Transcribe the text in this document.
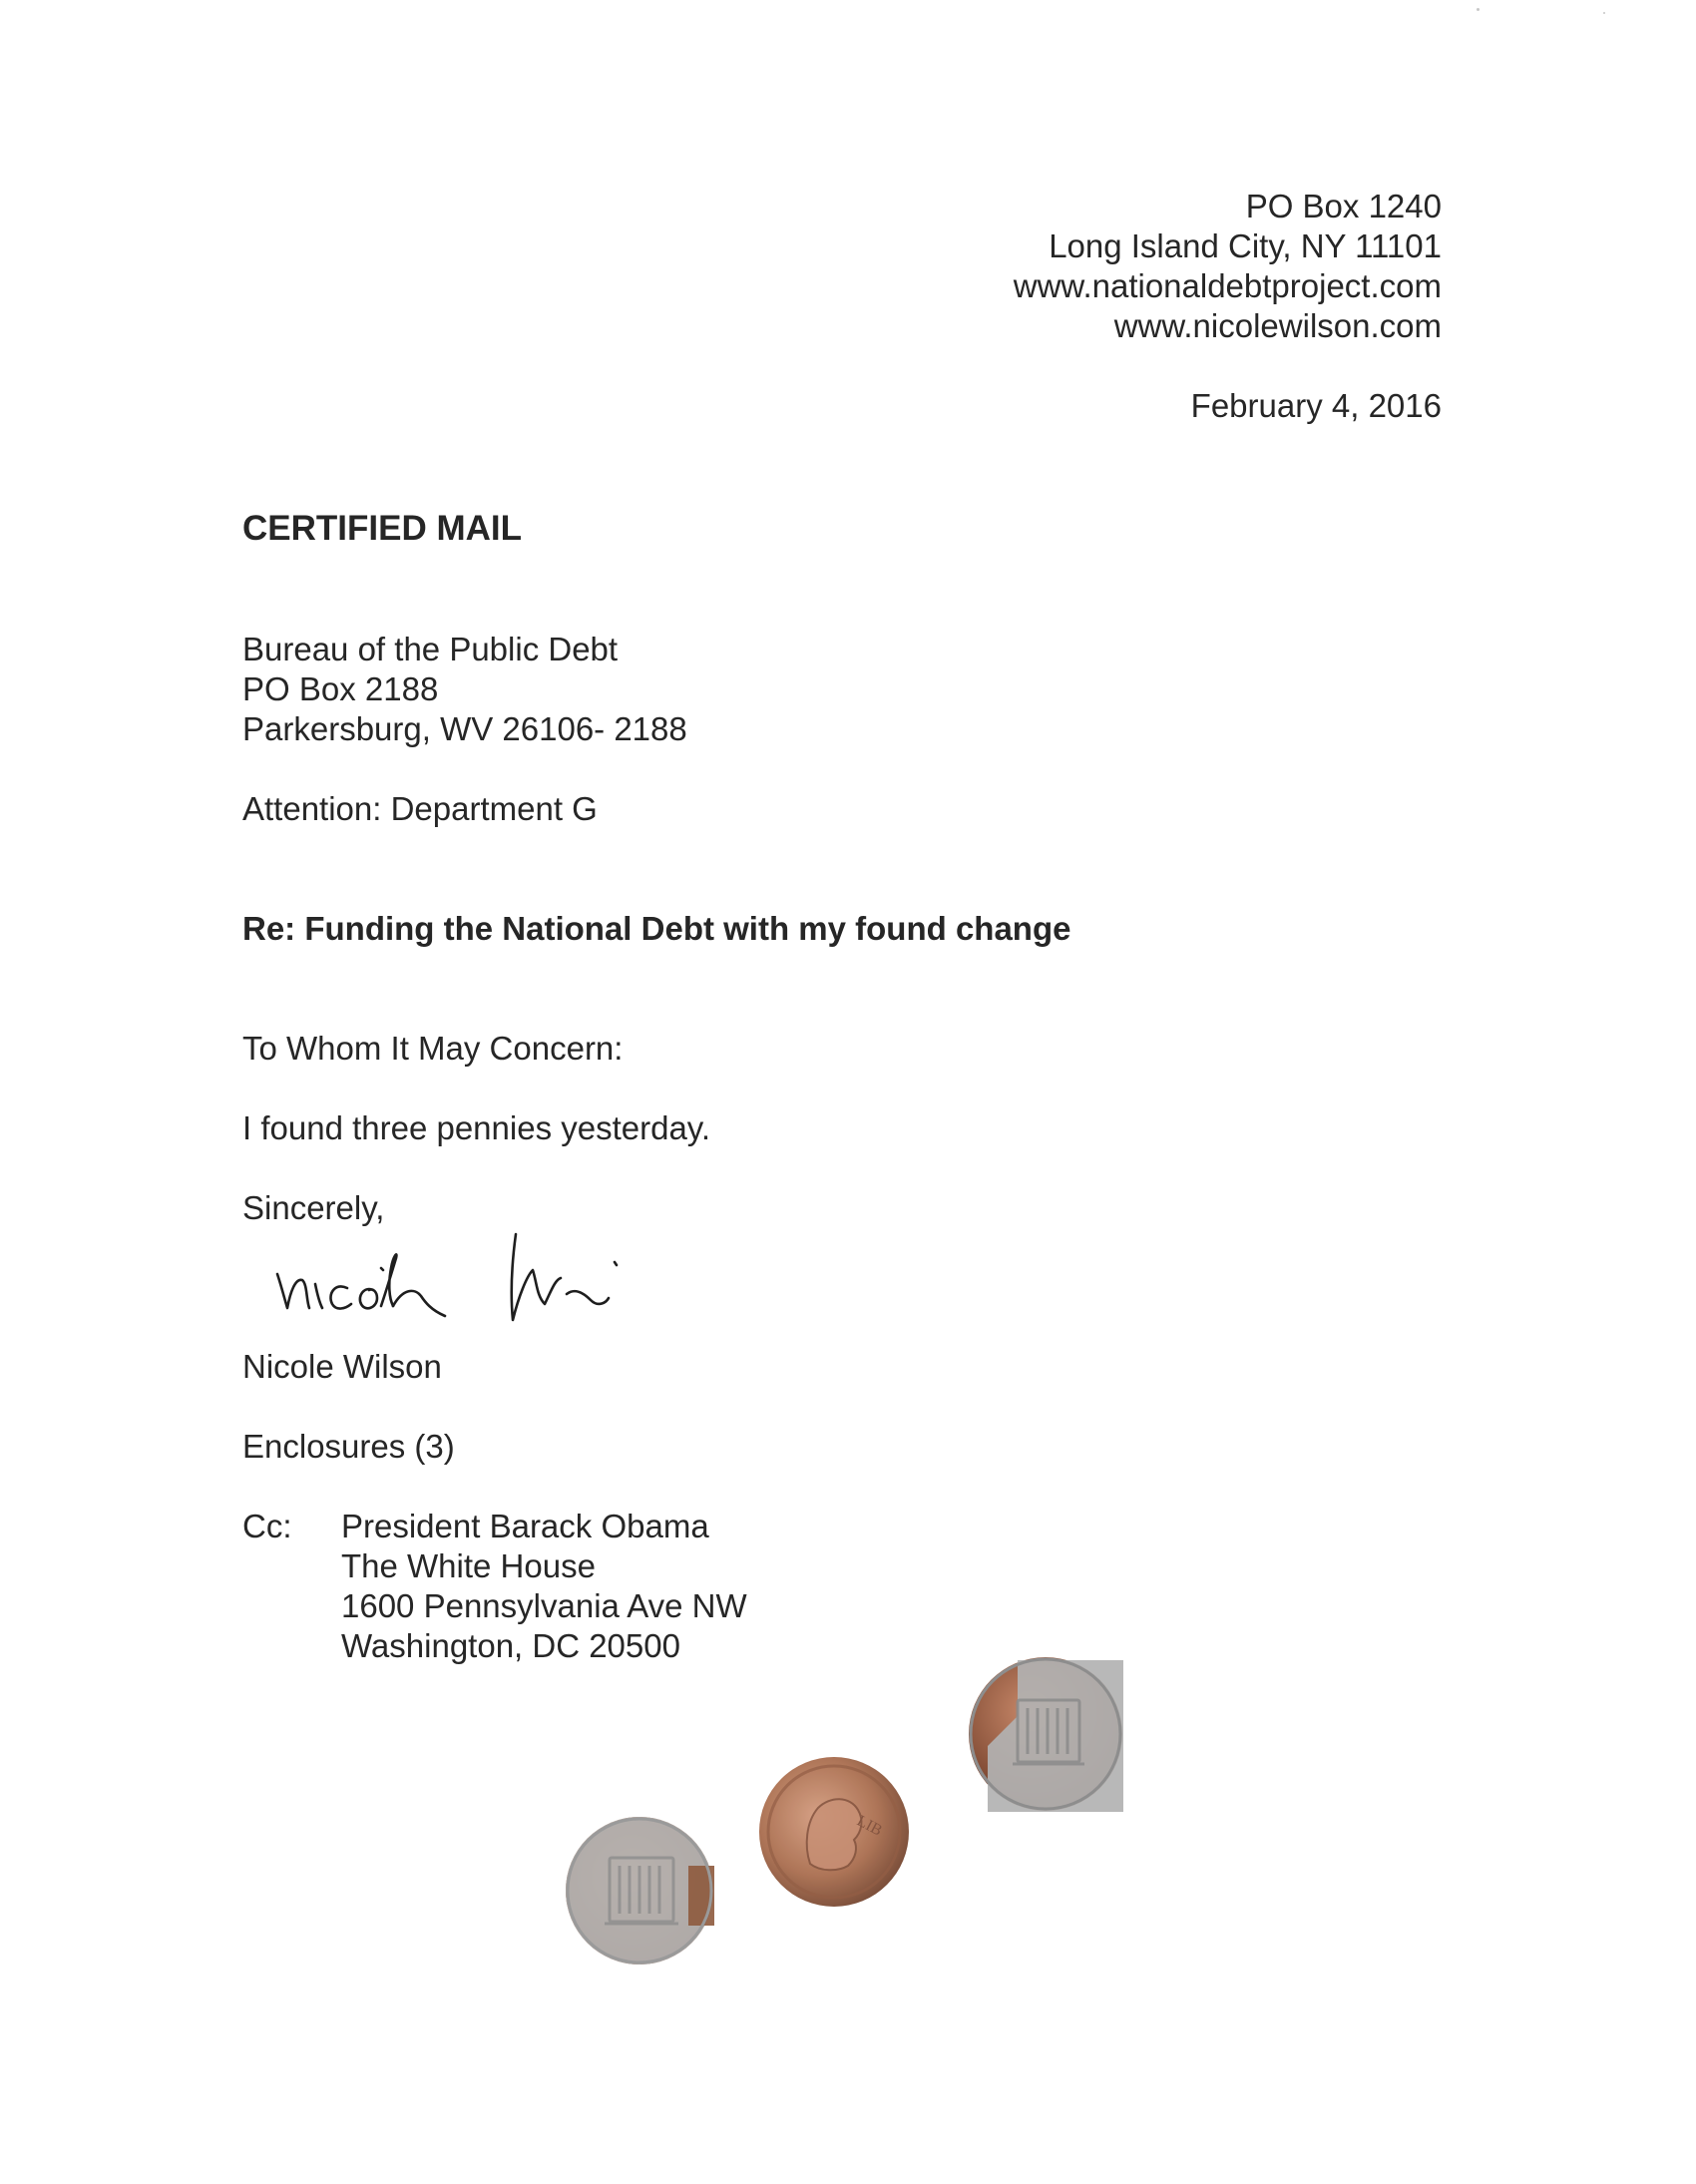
PO Box 1240
Long Island City, NY 11101
www.nationaldebtproject.com
www.nicolewilson.com
February 4, 2016
CERTIFIED MAIL
Bureau of the Public Debt
PO Box 2188
Parkersburg, WV 26106- 2188
Attention: Department G
Re: Funding the National Debt with my found change
To Whom It May Concern:
I found three pennies yesterday.
Sincerely,
Nicole Wilson
Enclosures (3)
Cc: President Barack Obama
The White House
1600 Pennsylvania Ave NW
Washington, DC 20500
LIB
